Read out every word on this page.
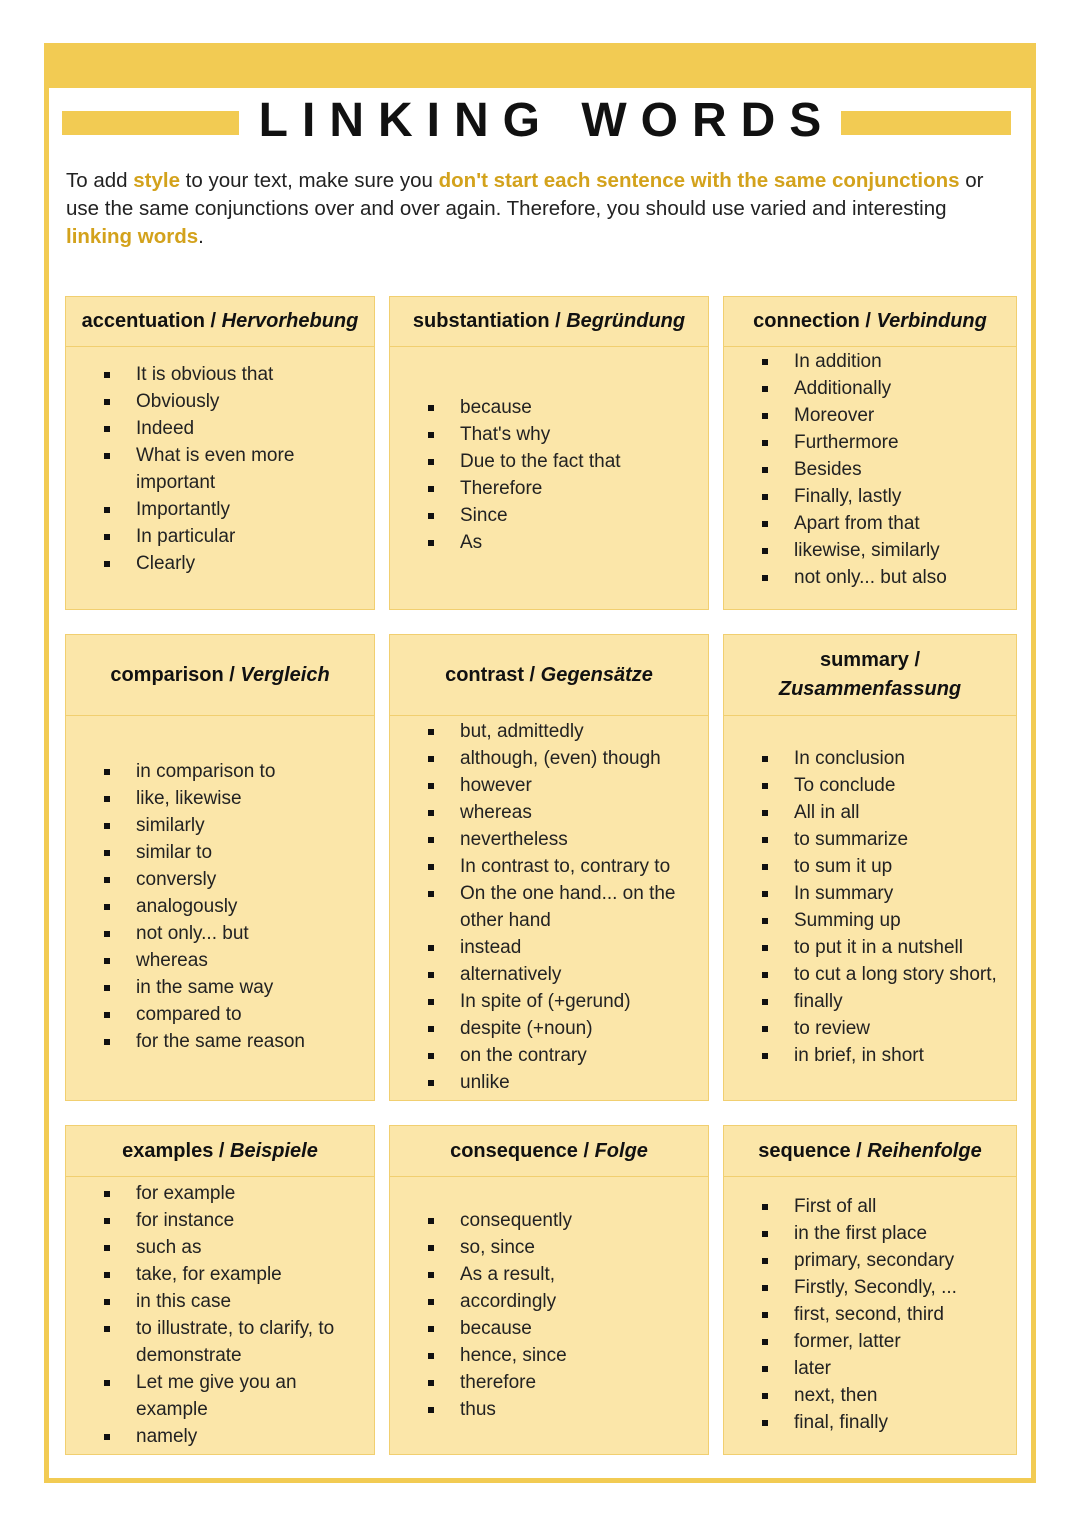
LINKING WORDS
To add style to your text, make sure you don't start each sentence with the same conjunctions or use the same conjunctions over and over again. Therefore, you should use varied and interesting linking words.
accentuation / Hervorhebung
It is obvious that
Obviously
Indeed
What is even more important
Importantly
In particular
Clearly
substantiation / Begründung
because
That's why
Due to the fact that
Therefore
Since
As
connection / Verbindung
In addition
Additionally
Moreover
Furthermore
Besides
Finally, lastly
Apart from that
likewise, similarly
not only... but also
comparison / Vergleich
in comparison to
like, likewise
similarly
similar to
conversly
analogously
not only... but
whereas
in the same way
compared to
for the same reason
contrast / Gegensätze
but, admittedly
although, (even) though
however
whereas
nevertheless
In contrast to, contrary to
On the one hand... on the other hand
instead
alternatively
In spite of (+gerund)
despite (+noun)
on the contrary
unlike
summary /
Zusammenfassung
In conclusion
To conclude
All in all
to summarize
to sum it up
In summary
Summing up
to put it in a nutshell
to cut a long story short,
finally
to review
in brief, in short
examples / Beispiele
for example
for instance
such as
take, for example
in this case
to illustrate, to clarify, to demonstrate
Let me give you an example
namely
consequence / Folge
consequently
so, since
As a result,
accordingly
because
hence, since
therefore
thus
sequence / Reihenfolge
First of all
in the first place
primary, secondary
Firstly, Secondly, ...
first, second, third
former, latter
later
next, then
final, finally
